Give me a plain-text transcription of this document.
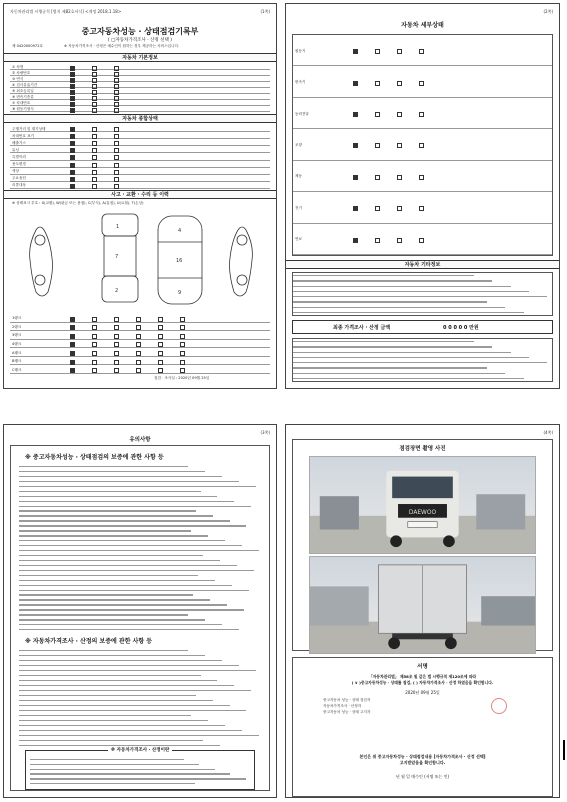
자동차관리법 시행규칙 [별지 제82호서식] <개정 2018.1.18>	(1쪽)
중고자동차성능 · 상태점검기록부
( □자동차가격조사 · 산정 선택 )
제 0420000972호	※ 자동차가격조사 · 산정은 매수인이 원하는 경우 제공하는 서비스입니다.
자동차 기본정보
① 차명
② 차량번호
③ 연식
④ 검사유효기간
⑤ 최초등록일
⑥ 변속기종류
⑦ 차대번호
⑧ 원동기형식
자동차 종합상태
주행거리 및 계기상태
차대번호 표기
배출가스
튜닝
특별이력
용도변경
색상
주요옵션
리콜대상
사고 · 교환 · 수리 등 이력
※ 상태표시 부호 : X(교환), W(판금 또는 용접), C(부식), A(흠집), U(요철), T(손상)
1
7
2
4
16
9
1랭크
2랭크
3랭크
4랭크
A랭크
B랭크
C랭크
점검 · 조사일 : 2020년 09월 25일
(2쪽)
자동차 세부상태
원동기
변속기
동력전달
조향
제동
전기
연료
자동차 기타정보
최종 가격조사 · 산정 금액	0 0 0 0 0 만원
(3쪽)
유의사항
※ 중고자동차성능 · 상태점검의 보증에 관한 사항 등
※ 자동차가격조사 · 산정의 보증에 관한 사항 등
※ 자동차가격조사 · 산정이란
(4쪽)
점검장면 촬영 사진
DAEWOO
서명
「자동차관리법」 제58조 및 같은 법 시행규칙 제120조에 따라
( ∨ )중고자동차성능 · 상태를 점검, ( ) 자동차가격조사 · 산정 하였음을 확인합니다.
2020년 09월 25일
중고자동차 성능 · 상태 점검자
자동차가격조사 · 산정자
중고자동차 성능 · 상태 고지자
본인은 위 중고자동차성능 · 상태점검내용 [자동차가격조사 · 산정 선택]
고지받았음을 확인합니다.
년 월 일 매수인 (서명 또는 인)
